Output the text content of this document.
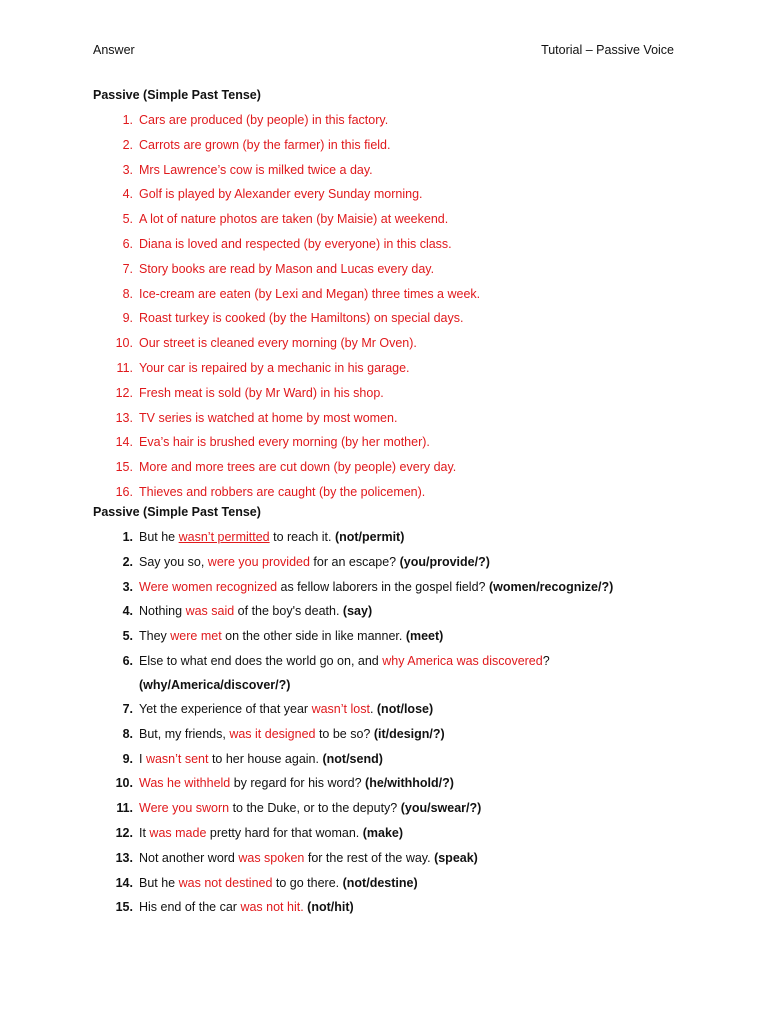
Answer	Tutorial – Passive Voice
Passive (Simple Past Tense)
1. Cars are produced (by people) in this factory.
2. Carrots are grown (by the farmer) in this field.
3. Mrs Lawrence’s cow is milked twice a day.
4. Golf is played by Alexander every Sunday morning.
5. A lot of nature photos are taken (by Maisie) at weekend.
6. Diana is loved and respected (by everyone) in this class.
7. Story books are read by Mason and Lucas every day.
8. Ice-cream are eaten (by Lexi and Megan) three times a week.
9. Roast turkey is cooked (by the Hamiltons) on special days.
10. Our street is cleaned every morning (by Mr Oven).
11. Your car is repaired by a mechanic in his garage.
12. Fresh meat is sold (by Mr Ward) in his shop.
13. TV series is watched at home by most women.
14. Eva’s hair is brushed every morning (by her mother).
15. More and more trees are cut down (by people) every day.
16. Thieves and robbers are caught (by the policemen).
Passive (Simple Past Tense)
1. But he wasn’t permitted to reach it. (not/permit)
2. Say you so, were you provided for an escape? (you/provide/?)
3. Were women recognized as fellow laborers in the gospel field? (women/recognize/?)
4. Nothing was said of the boy's death. (say)
5. They were met on the other side in like manner. (meet)
6. Else to what end does the world go on, and why America was discovered?
(why/America/discover/?)
7. Yet the experience of that year wasn’t lost. (not/lose)
8. But, my friends, was it designed to be so? (it/design/?)
9. I wasn’t sent to her house again. (not/send)
10. Was he withheld by regard for his word? (he/withhold/?)
11. Were you sworn to the Duke, or to the deputy? (you/swear/?)
12. It was made pretty hard for that woman. (make)
13. Not another word was spoken for the rest of the way. (speak)
14. But he was not destined to go there. (not/destine)
15. His end of the car was not hit. (not/hit)
